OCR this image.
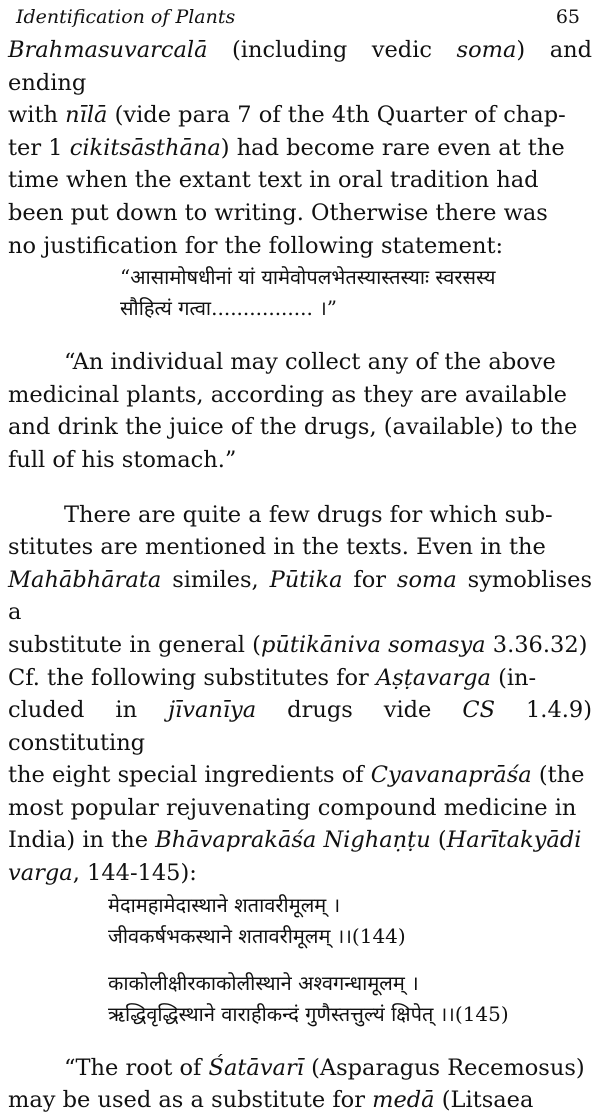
Identification of Plants	65

Brahmasuvarcalā (including vedic soma) and ending

with nīlā (vide para 7 of the 4th Quarter of chap-

ter 1 cikitsāsthāna) had become rare even at the

time when the extant text in oral tradition had

been put down to writing. Otherwise there was

no justification for the following statement:

“आसामोषधीनां यां यामेवोपलभेतस्यास्तस्याः स्वरसस्य
सौहित्यं गत्वा................ ।”

“An individual may collect any of the above

medicinal plants, according as they are available

and drink the juice of the drugs, (available) to the

full of his stomach.”

There are quite a few drugs for which sub-

stitutes are mentioned in the texts. Even in the

Mahābhārata similes, Pūtika for soma symoblises a

substitute in general (pūtikāniva somasya 3.36.32)

Cf. the following substitutes for Aṣṭavarga (in-

cluded in jīvanīya drugs vide CS 1.4.9) constituting

the eight special ingredients of Cyavanaprāśa (the

most popular rejuvenating compound medicine in

India) in the Bhāvaprakāśa Nighaṇṭu (Harītakyādi

varga, 144-145):

मेदामहामेदास्थाने शतावरीमूलम् ।
जीवकर्षभकस्थाने शतावरीमूलम् ।।(144)
काकोलीक्षीरकाकोलीस्थाने अश्वगन्धामूलम् ।
ऋद्धिवृद्धिस्थाने वाराहीकन्दं गुणैस्तत्तुल्यं क्षिपेत् ।।(145)

“The root of Śatāvarī (Asparagus Recemosus)

may be used as a substitute for medā (Litsaea
